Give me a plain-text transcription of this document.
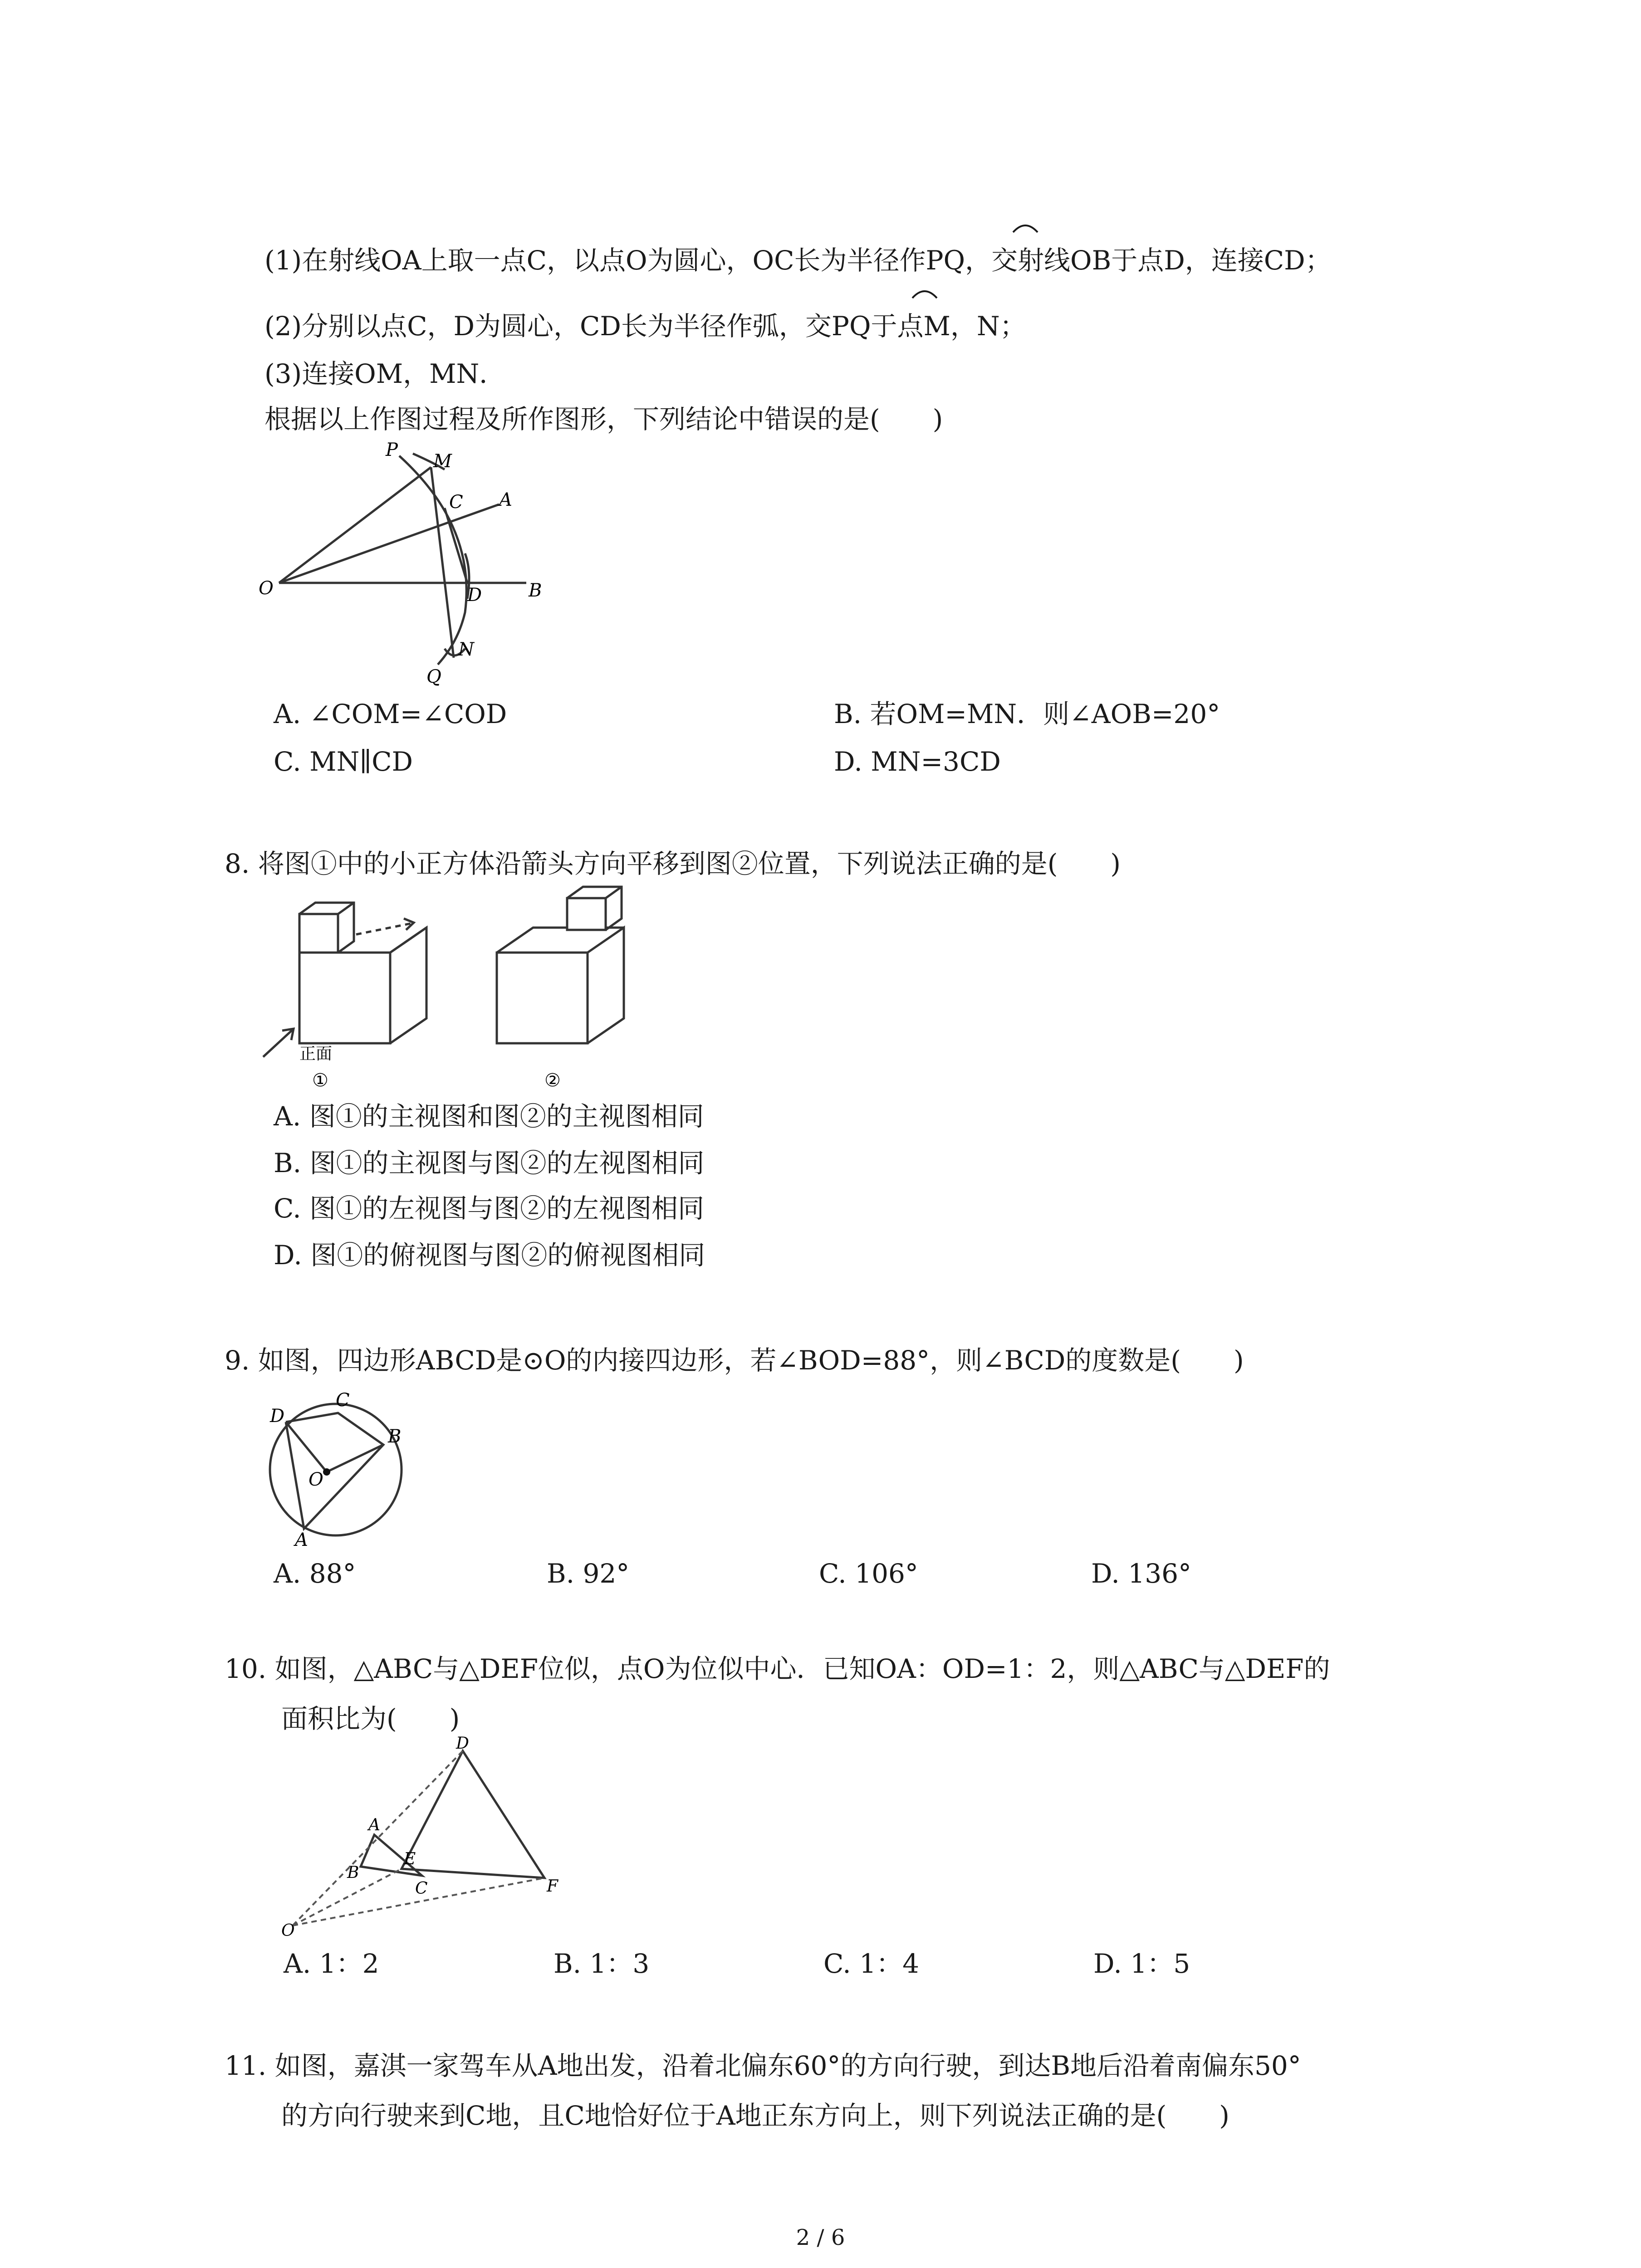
(1)在射线OA上取一点C，以点O为圆心，OC长为半径作PQ，交射线OB于点D，连接CD；
(2)分别以点C，D为圆心，CD长为半径作弧，交PQ于点M，N；
(3)连接OM，MN．
根据以上作图过程及所作图形，下列结论中错误的是(　　)
P
M
C A
O	D	B
N
Q
A. ∠COM=∠COD	B. 若OM=MN．则∠AOB=20°
C. MN∥CD	D. MN=3CD
8. 将图①中的小正方体沿箭头方向平移到图②位置，下列说法正确的是(　　)
正面
①	②
A. 图①的主视图和图②的主视图相同
B. 图①的主视图与图②的左视图相同
C. 图①的左视图与图②的左视图相同
D. 图①的俯视图与图②的俯视图相同
9. 如图，四边形ABCD是⊙O的内接四边形，若∠BOD=88°，则∠BCD的度数是(　　)
D
C
B
O
A
A. 88°	B. 92°	C. 106°	D. 136°
10. 如图，△ABC与△DEF位似，点O为位似中心．已知OA：OD=1：2，则△ABC与△DEF的
面积比为(　　)
D
A
E
B
C	F
O
A. 1：2	B. 1：3	C. 1：4	D. 1：5
11. 如图，嘉淇一家驾车从A地出发，沿着北偏东60°的方向行驶，到达B地后沿着南偏东50°
的方向行驶来到C地，且C地恰好位于A地正东方向上，则下列说法正确的是(　　)
2 / 6
